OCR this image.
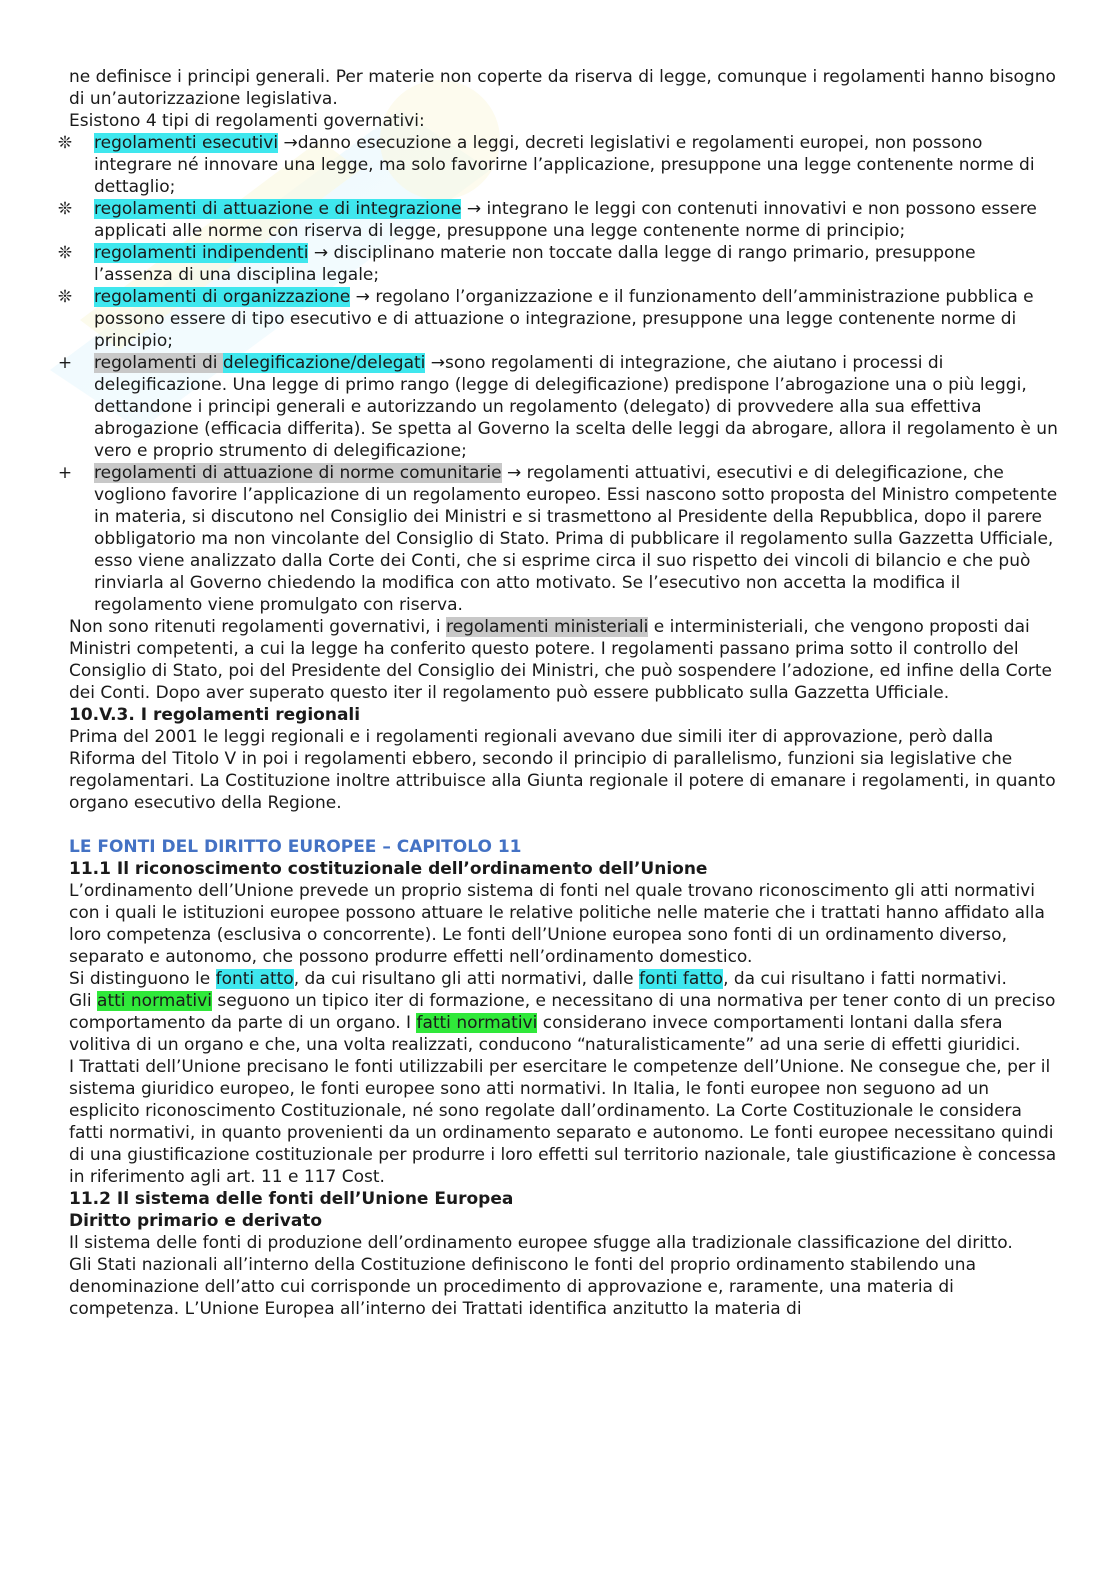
ne definisce i principi generali. Per materie non coperte da riserva di legge, comunque i regolamenti hanno bisogno di un’autorizzazione legislativa.

Esistono 4 tipi di regolamenti governativi:

❊ regolamenti esecutivi →danno esecuzione a leggi, decreti legislativi e regolamenti europei, non possono integrare né innovare una legge, ma solo favorirne l’applicazione, presuppone una legge contenente norme di dettaglio;
❊ regolamenti di attuazione e di integrazione → integrano le leggi con contenuti innovativi e non possono essere applicati alle norme con riserva di legge, presuppone una legge contenente norme di principio;
❊ regolamenti indipendenti → disciplinano materie non toccate dalla legge di rango primario, presuppone l’assenza di una disciplina legale;
❊ regolamenti di organizzazione → regolano l’organizzazione e il funzionamento dell’amministrazione pubblica e possono essere di tipo esecutivo e di attuazione o integrazione, presuppone una legge contenente norme di principio;
+ regolamenti di delegificazione/delegati →sono regolamenti di integrazione, che aiutano i processi di delegificazione. Una legge di primo rango (legge di delegificazione) predispone l’abrogazione una o più leggi, dettandone i principi generali e autorizzando un regolamento (delegato) di provvedere alla sua effettiva abrogazione (efficacia differita). Se spetta al Governo la scelta delle leggi da abrogare, allora il regolamento è un vero e proprio strumento di delegificazione;
+ regolamenti di attuazione di norme comunitarie → regolamenti attuativi, esecutivi e di delegificazione, che vogliono favorire l’applicazione di un regolamento europeo. Essi nascono sotto proposta del Ministro competente in materia, si discutono nel Consiglio dei Ministri e si trasmettono al Presidente della Repubblica, dopo il parere obbligatorio ma non vincolante del Consiglio di Stato. Prima di pubblicare il regolamento sulla Gazzetta Ufficiale, esso viene analizzato dalla Corte dei Conti, che si esprime circa il suo rispetto dei vincoli di bilancio e che può rinviarla al Governo chiedendo la modifica con atto motivato. Se l’esecutivo non accetta la modifica il regolamento viene promulgato con riserva.

Non sono ritenuti regolamenti governativi, i regolamenti ministeriali e interministeriali, che vengono proposti dai Ministri competenti, a cui la legge ha conferito questo potere. I regolamenti passano prima sotto il controllo del Consiglio di Stato, poi del Presidente del Consiglio dei Ministri, che può sospendere l’adozione, ed infine della Corte dei Conti. Dopo aver superato questo iter il regolamento può essere pubblicato sulla Gazzetta Ufficiale.

10.V.3. I regolamenti regionali

Prima del 2001 le leggi regionali e i regolamenti regionali avevano due simili iter di approvazione, però dalla Riforma del Titolo V in poi i regolamenti ebbero, secondo il principio di parallelismo, funzioni sia legislative che regolamentari. La Costituzione inoltre attribuisce alla Giunta regionale il potere di emanare i regolamenti, in quanto organo esecutivo della Regione.

LE FONTI DEL DIRITTO EUROPEE – CAPITOLO 11

11.1 Il riconoscimento costituzionale dell’ordinamento dell’Unione

L’ordinamento dell’Unione prevede un proprio sistema di fonti nel quale trovano riconoscimento gli atti normativi con i quali le istituzioni europee possono attuare le relative politiche nelle materie che i trattati hanno affidato alla loro competenza (esclusiva o concorrente). Le fonti dell’Unione europea sono fonti di un ordinamento diverso, separato e autonomo, che possono produrre effetti nell’ordinamento domestico.

Si distinguono le fonti atto, da cui risultano gli atti normativi, dalle fonti fatto, da cui risultano i fatti normativi.

Gli atti normativi seguono un tipico iter di formazione, e necessitano di una normativa per tener conto di un preciso comportamento da parte di un organo. I fatti normativi considerano invece comportamenti lontani dalla sfera volitiva di un organo e che, una volta realizzati, conducono “naturalisticamente” ad una serie di effetti giuridici.

I Trattati dell’Unione precisano le fonti utilizzabili per esercitare le competenze dell’Unione. Ne consegue che, per il sistema giuridico europeo, le fonti europee sono atti normativi. In Italia, le fonti europee non seguono ad un esplicito riconoscimento Costituzionale, né sono regolate dall’ordinamento. La Corte Costituzionale le considera fatti normativi, in quanto provenienti da un ordinamento separato e autonomo. Le fonti europee necessitano quindi di una giustificazione costituzionale per produrre i loro effetti sul territorio nazionale, tale giustificazione è concessa in riferimento agli art. 11 e 117 Cost.

11.2 Il sistema delle fonti dell’Unione Europea

Diritto primario e derivato

Il sistema delle fonti di produzione dell’ordinamento europee sfugge alla tradizionale classificazione del diritto.

Gli Stati nazionali all’interno della Costituzione definiscono le fonti del proprio ordinamento stabilendo una denominazione dell’atto cui corrisponde un procedimento di approvazione e, raramente, una materia di competenza. L’Unione Europea all’interno dei Trattati identifica anzitutto la materia di
